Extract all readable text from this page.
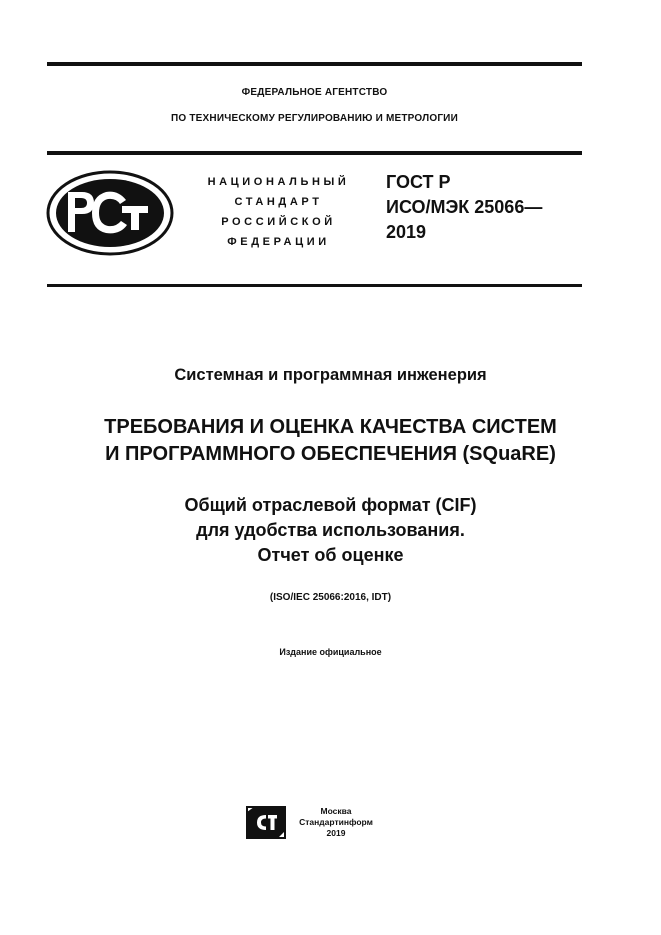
ФЕДЕРАЛЬНОЕ АГЕНТСТВО
ПО ТЕХНИЧЕСКОМУ РЕГУЛИРОВАНИЮ И МЕТРОЛОГИИ
НАЦИОНАЛЬНЫЙ
СТАНДАРТ
РОССИЙСКОЙ
ФЕДЕРАЦИИ
ГОСТ Р
ИСО/МЭК 25066—
2019
Системная и программная инженерия
ТРЕБОВАНИЯ И ОЦЕНКА КАЧЕСТВА СИСТЕМ
И ПРОГРАММНОГО ОБЕСПЕЧЕНИЯ (SQuaRE)
Общий отраслевой формат (CIF)
для удобства использования.
Отчет об оценке
(ISO/IEC 25066:2016, IDT)
Издание официальное
Москва
Стандартинформ
2019
